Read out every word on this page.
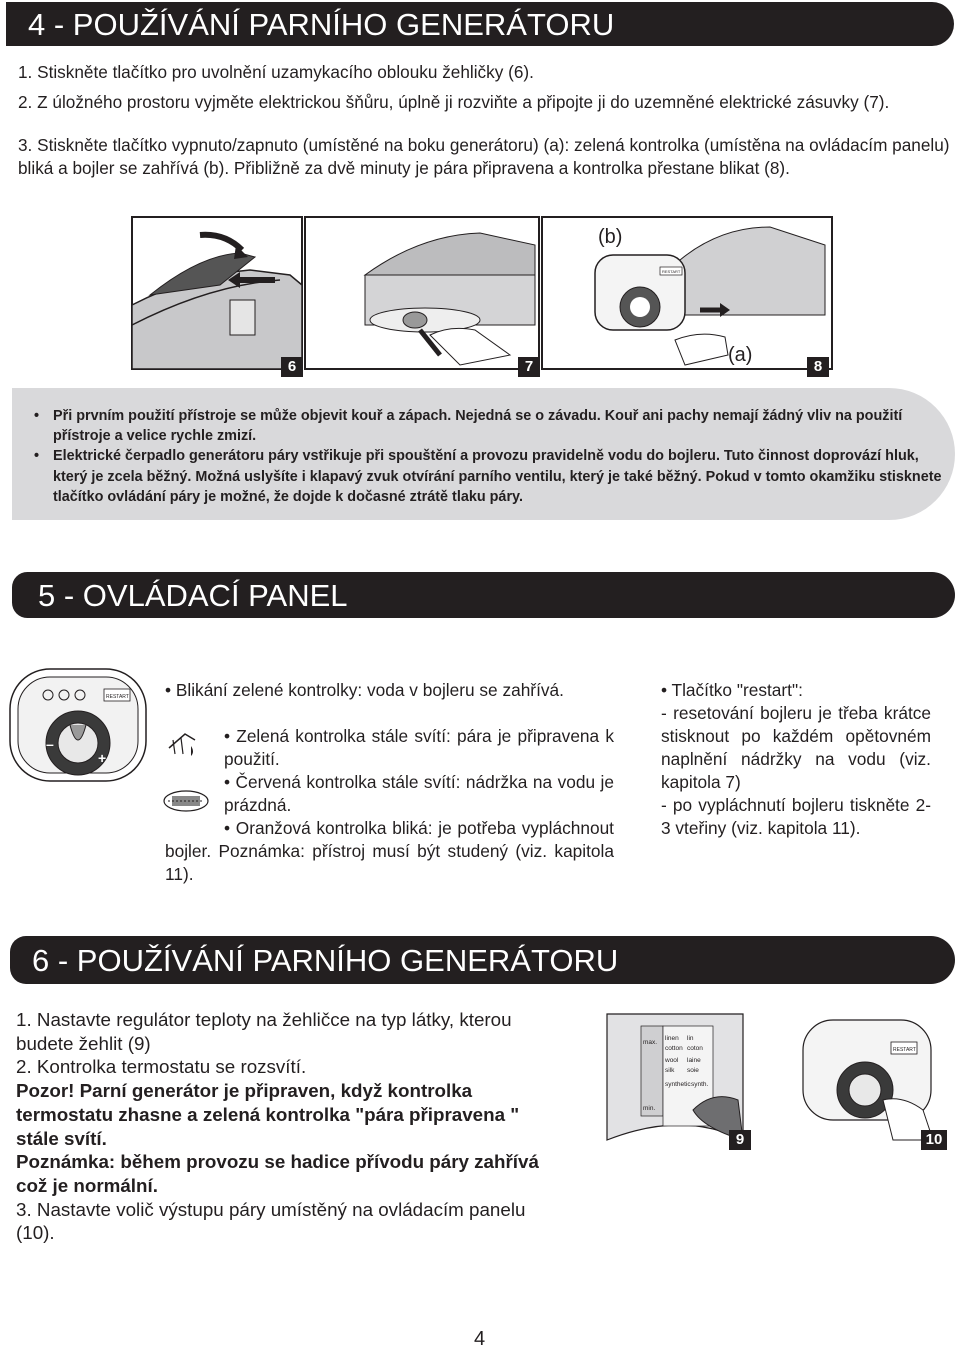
4 - POUŽÍVÁNÍ PARNÍHO GENERÁTORU

1. Stiskněte tlačítko pro uvolnění uzamykacího oblouku žehličky (6).

2. Z úložného prostoru vyjměte elektrickou šňůru, úplně ji rozviňte a připojte ji do uzemněné elektrické zásuvky (7).

3. Stiskněte tlačítko vypnuto/zapnuto (umístěné na boku generátoru) (a): zelená kontrolka (umístěna na ovládacím panelu) bliká a bojler se zahřívá (b). Přibližně za dvě minuty je pára připravena a kontrolka přestane blikat (8).

(b)
(a)
RESTART
6	7	8
• Při prvním použití přístroje se může objevit kouř a zápach. Nejedná se o závadu. Kouř ani pachy nemají žádný vliv na použití přístroje a velice rychle zmizí.
• Elektrické čerpadlo generátoru páry vstřikuje při spouštění a provozu pravidelně vodu do bojleru. Tuto činnost doprovází hluk, který je zcela běžný. Možná uslyšíte i klapavý zvuk otvírání parního ventilu, který je také běžný. Pokud v tomto okamžiku stisknete tlačítko ovládání páry je možné, že dojde k dočasné ztrátě tlaku páry.
5 - OVLÁDACÍ PANEL
RESTART
–
+
• Blikání zelené kontrolky: voda v bojleru se zahřívá.
• Zelená kontrolka stále svítí: pára je připravena k použití.
• Červená kontrolka stále svítí: nádržka na vodu je prázdná.
• Oranžová kontrolka bliká: je potřeba vypláchnout bojler. Poznámka: přístroj musí být studený (viz. kapitola 11).
• Tlačítko "restart":
- resetování bojleru je třeba krátce stisknout po každém opětovném naplnění nádržky na vodu (viz. kapitola 7)
- po vypláchnutí bojleru tiskněte 2-3 vteřiny (viz. kapitola 11).
6 - POUŽÍVÁNÍ PARNÍHO GENERÁTORU
1. Nastavte regulátor teploty na žehličce na typ látky, kterou budete žehlit (9)
2. Kontrolka termostatu se rozsvítí.
Pozor! Parní generátor je připraven, když kontrolka termostatu zhasne a zelená kontrolka "pára připravena " stále svítí.
Poznámka: během provozu se hadice přívodu páry zahřívá což je normální.
3. Nastavte volič výstupu páry umístěný na ovládacím panelu (10).
max.
lin
linen
cotton coton
wool laine
silk soie
synthetic synth.
min.
RESTART
9	10
4
